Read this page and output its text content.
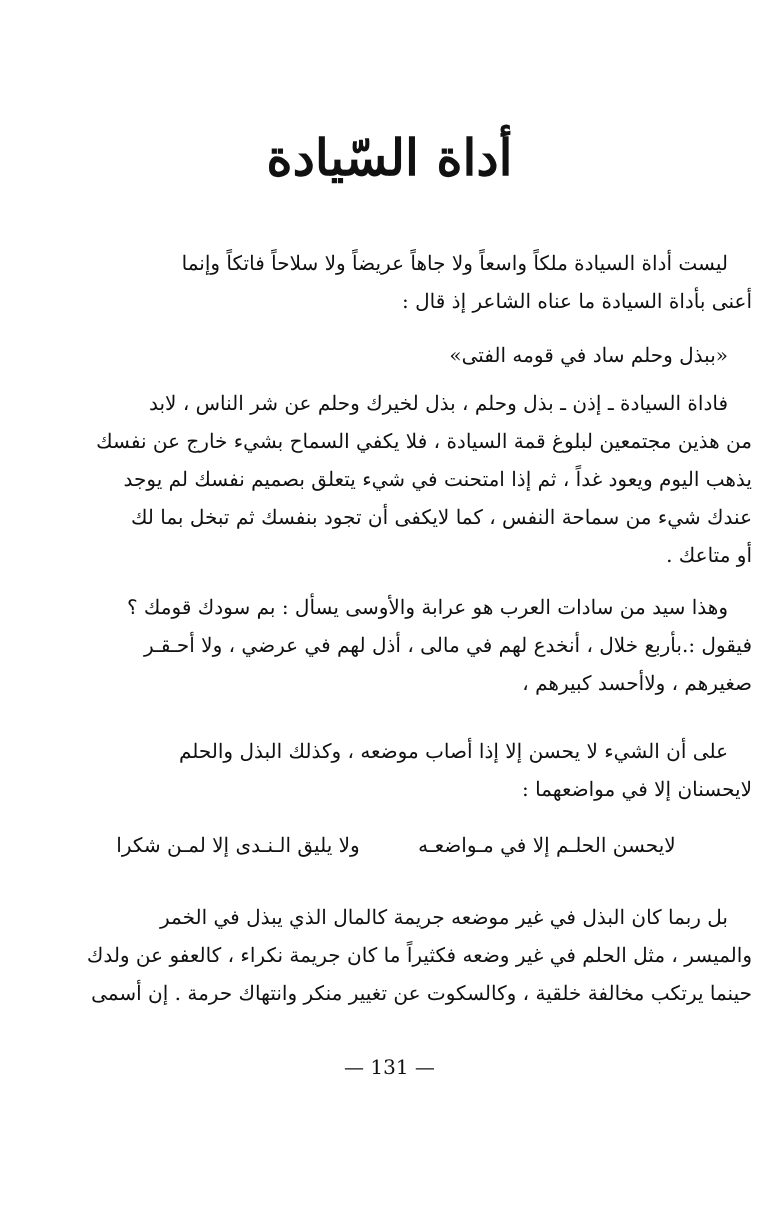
أداة السّيادة
ليست أداة السيادة ملكاً واسعاً ولا جاهاً عريضاً ولا سلاحاً فاتكاً وإنما
أعنى بأداة السيادة ما عناه الشاعر إذ قال :
«ببذل وحلم ساد في قومه الفتى»
فاداة السيادة ـ إذن ـ بذل وحلم ، بذل لخيرك وحلم عن شر الناس ، لابد
من هذين مجتمعين لبلوغ قمة السيادة ، فلا يكفي السماح بشيء خارج عن نفسك
يذهب اليوم ويعود غداً ، ثم إذا امتحنت في شيء يتعلق بصميم نفسك لم يوجد
عندك شيء من سماحة النفس ، كما لايكفى أن تجود بنفسك ثم تبخل بما لك
أو متاعك .
وهذا سيد من سادات العرب هو عرابة والأوسى يسأل : بم سودك قومك ؟
فيقول :.بأربع خلال ، أنخدع لهم في مالى ، أذل لهم في عرضي ، ولا أحـقـر
صغيرهم ، ولاأحسد كبيرهم ،
على أن الشيء لا يحسن إلا إذا أصاب موضعه ، وكذلك البذل والحلم
لايحسنان إلا في مواضعهما :
لايحسن الحلـم إلا في مـواضعـه ولا يليق الـنـدى إلا لمـن شكرا
بل ربما كان البذل في غير موضعه جريمة كالمال الذي يبذل في الخمر
والميسر ، مثل الحلم في غير وضعه فكثيراً ما كان جريمة نكراء ، كالعفو عن ولدك
حينما يرتكب مخالفة خلقية ، وكالسكوت عن تغيير منكر وانتهاك حرمة . إن أسمى
— 131 —
